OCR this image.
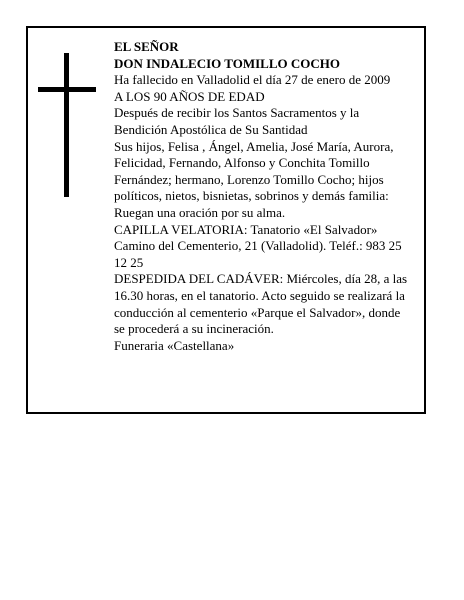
EL SEÑOR

DON INDALECIO TOMILLO COCHO

Ha fallecido en Valladolid el día 27 de enero de 2009

A LOS 90 AÑOS DE EDAD

Después de recibir los Santos Sacramentos y la Bendición Apostólica de Su Santidad

Sus hijos, Felisa , Ángel, Amelia, José María, Aurora, Felicidad, Fernando, Alfonso y Conchita Tomillo Fernández; hermano, Lorenzo Tomillo Cocho; hijos políticos, nietos, bisnietas, sobrinos y demás familia:

Ruegan una oración por su alma.

CAPILLA VELATORIA: Tanatorio «El Salvador» Camino del Cementerio, 21 (Valladolid). Teléf.: 983 25 12 25

DESPEDIDA DEL CADÁVER: Miércoles, día 28, a las 16.30 horas, en el tanatorio. Acto seguido se realizará la conducción al cementerio «Parque el Salvador», donde se procederá a su incineración.

Funeraria «Castellana»
